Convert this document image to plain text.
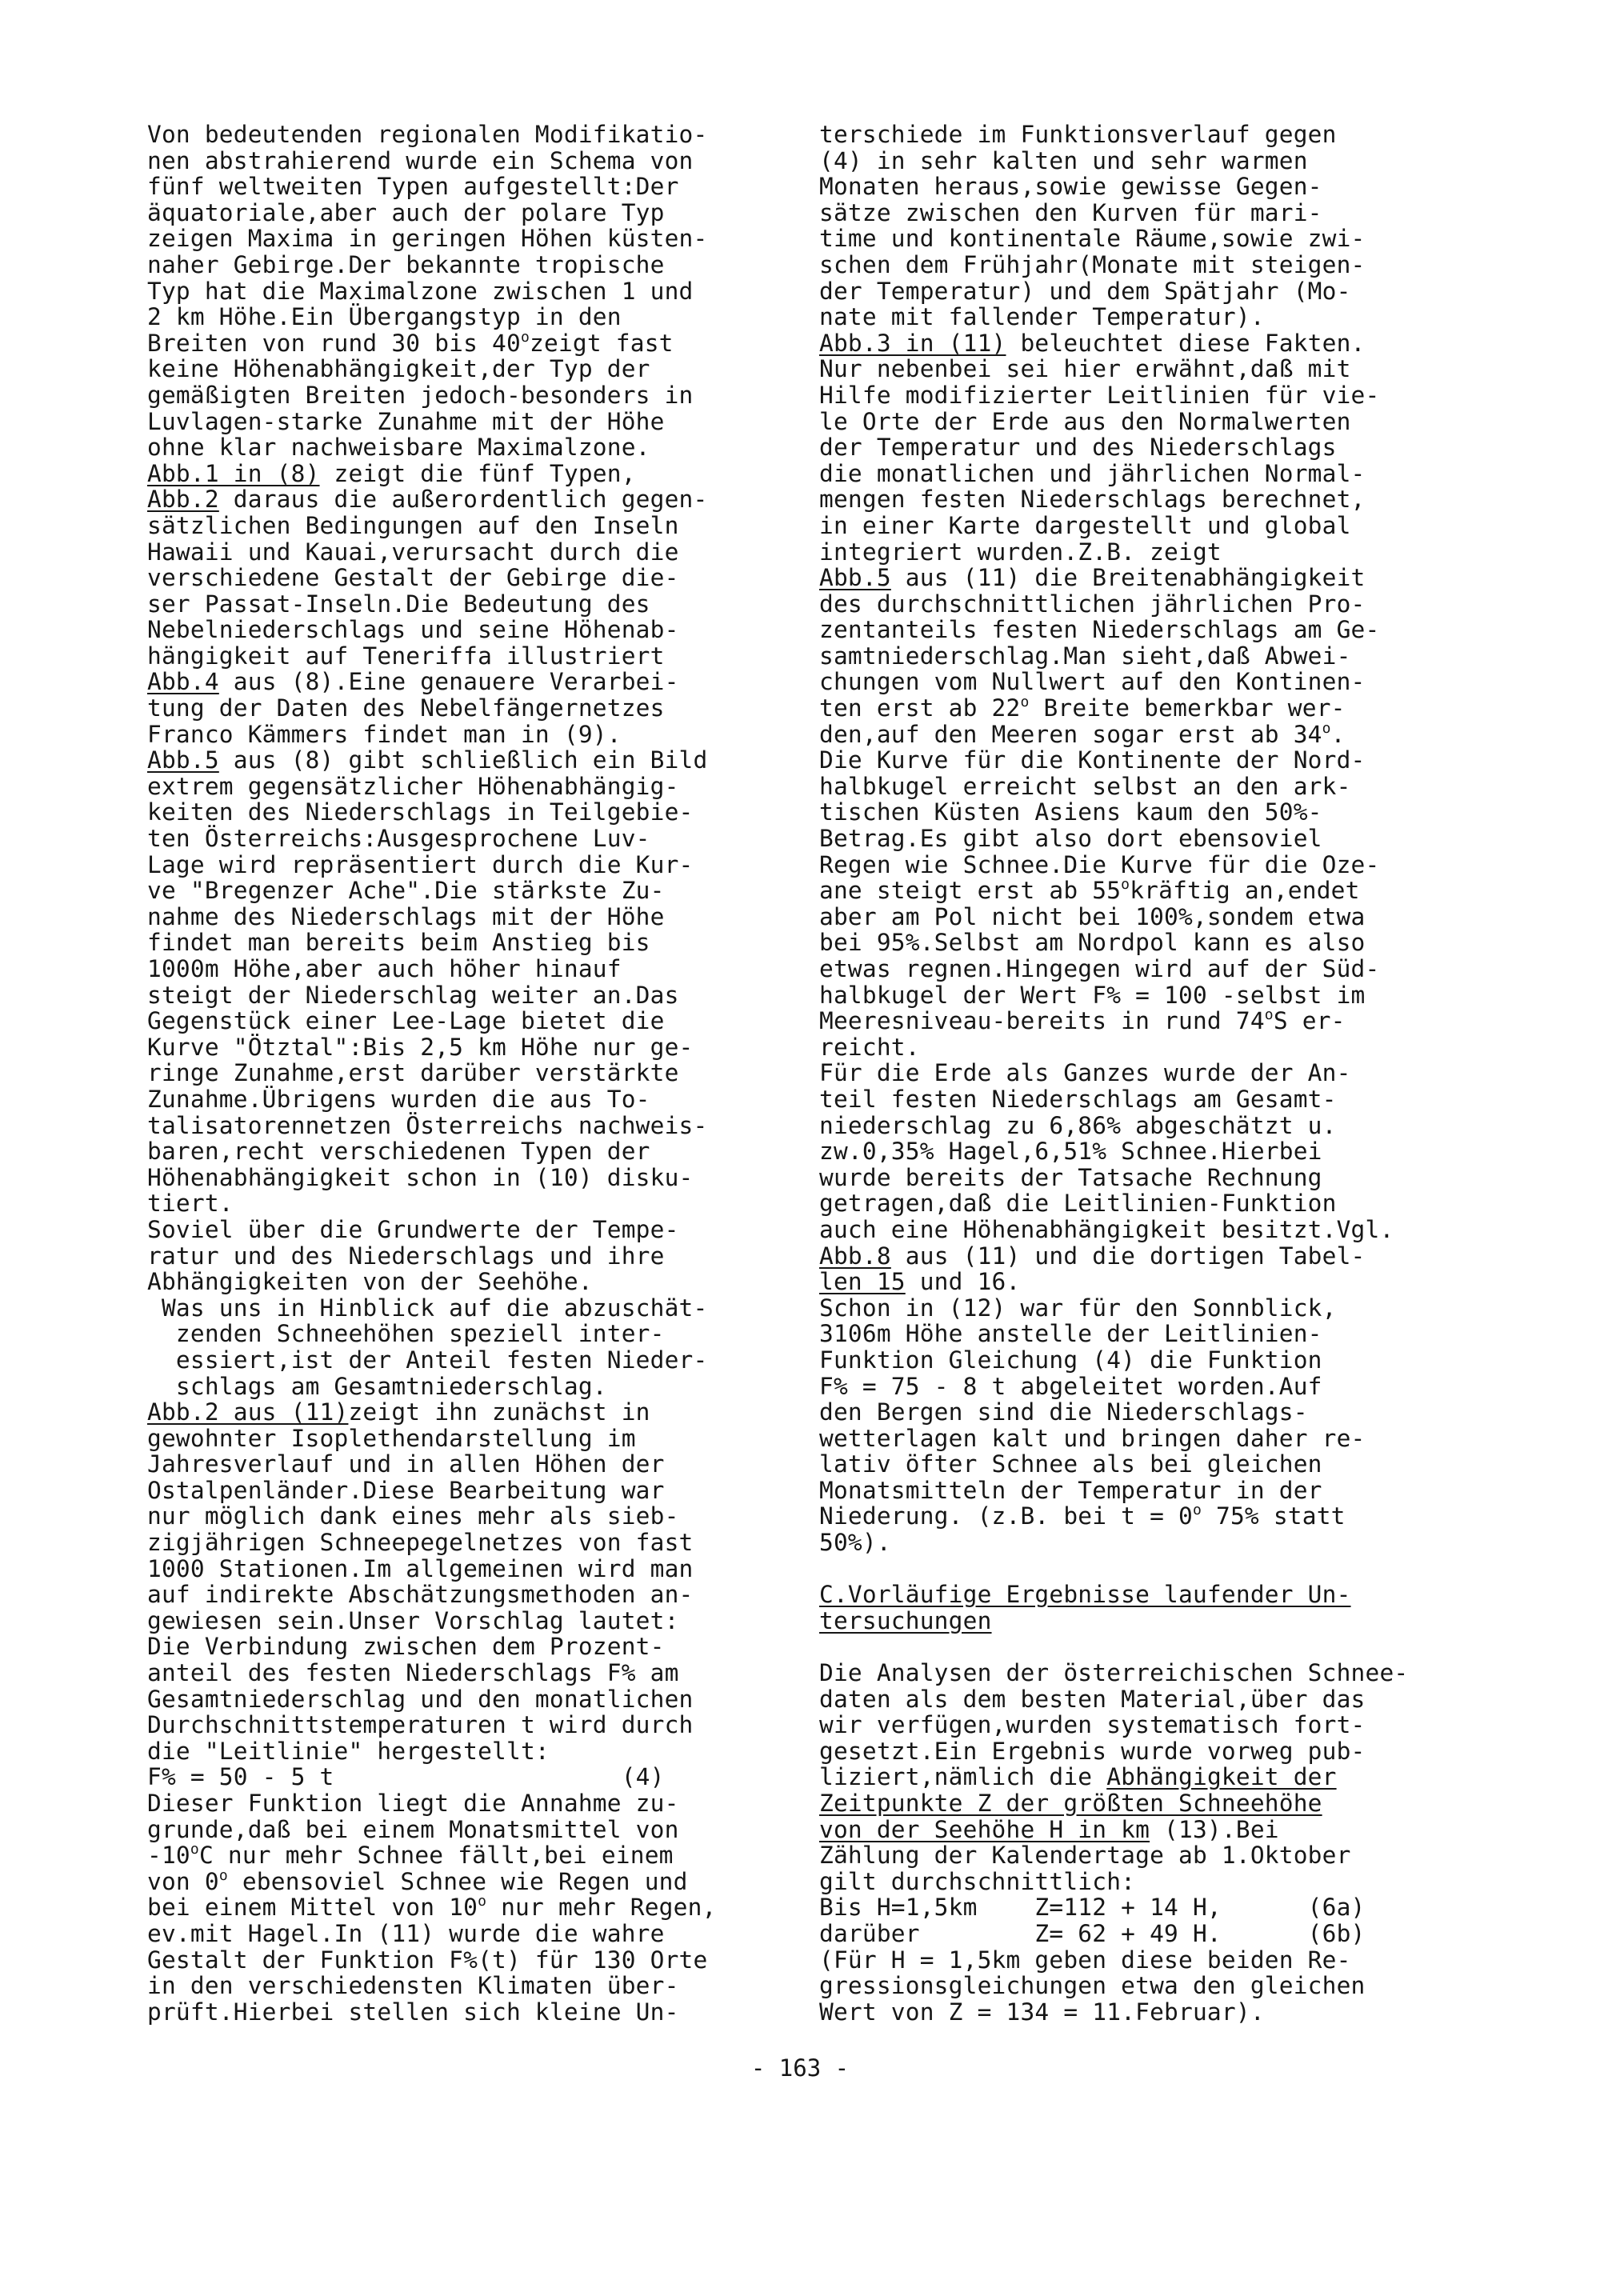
Von bedeutenden regionalen Modifikatio-
nen abstrahierend wurde ein Schema von
fünf weltweiten Typen aufgestellt:Der
äquatoriale,aber auch der polare Typ
zeigen Maxima in geringen Höhen küsten-
naher Gebirge.Der bekannte tropische
Typ hat die Maximalzone zwischen 1 und
2 km Höhe.Ein Übergangstyp in den
Breiten von rund 30 bis 40$^o$zeigt fast
keine Höhenabhängigkeit,der Typ der
gemäßigten Breiten jedoch-besonders in
Luvlagen-starke Zunahme mit der Höhe
ohne klar nachweisbare Maximalzone.
Abb.1 in (8) zeigt die fünf Typen,
Abb.2 daraus die außerordentlich gegen-
sätzlichen Bedingungen auf den Inseln
Hawaii und Kauai,verursacht durch die
verschiedene Gestalt der Gebirge die-
ser Passat-Inseln.Die Bedeutung des
Nebelniederschlags und seine Höhenab-
hängigkeit auf Teneriffa illustriert
Abb.4 aus (8).Eine genauere Verarbei-
tung der Daten des Nebelfängernetzes
Franco Kämmers findet man in (9).
Abb.5 aus (8) gibt schließlich ein Bild
extrem gegensätzlicher Höhenabhängig-
keiten des Niederschlags in Teilgebie-
ten Österreichs:Ausgesprochene Luv-
Lage wird repräsentiert durch die Kur-
ve "Bregenzer Ache".Die stärkste Zu-
nahme des Niederschlags mit der Höhe
findet man bereits beim Anstieg bis
1000m Höhe,aber auch höher hinauf
steigt der Niederschlag weiter an.Das
Gegenstück einer Lee-Lage bietet die
Kurve "Ötztal":Bis 2,5 km Höhe nur ge-
ringe Zunahme,erst darüber verstärkte
Zunahme.Übrigens wurden die aus To-
talisatorennetzen Österreichs nachweis-
baren,recht verschiedenen Typen der
Höhenabhängigkeit schon in (10) disku-
tiert.
Soviel über die Grundwerte der Tempe-
ratur und des Niederschlags und ihre
Abhängigkeiten von der Seehöhe.
Was uns in Hinblick auf die abzuschät-
zenden Schneehöhen speziell inter-
essiert,ist der Anteil festen Nieder-
schlags am Gesamtniederschlag.
Abb.2 aus (11)zeigt ihn zunächst in
gewohnter Isoplethendarstellung im
Jahresverlauf und in allen Höhen der
Ostalpenländer.Diese Bearbeitung war
nur möglich dank eines mehr als sieb-
zigjährigen Schneepegelnetzes von fast
1000 Stationen.Im allgemeinen wird man
auf indirekte Abschätzungsmethoden an-
gewiesen sein.Unser Vorschlag lautet:
Die Verbindung zwischen dem Prozent-
anteil des festen Niederschlags F% am
Gesamtniederschlag und den monatlichen
Durchschnittstemperaturen t wird durch
die "Leitlinie" hergestellt:
F% = 50 - 5 t                    (4)
Dieser Funktion liegt die Annahme zu-
grunde,daß bei einem Monatsmittel von
-10$^o$C nur mehr Schnee fällt,bei einem
von 0$^o$ ebensoviel Schnee wie Regen und
bei einem Mittel von 10$^o$ nur mehr Regen,
ev.mit Hagel.In (11) wurde die wahre
Gestalt der Funktion F%(t) für 130 Orte
in den verschiedensten Klimaten über-
prüft.Hierbei stellen sich kleine Un-
terschiede im Funktionsverlauf gegen
(4) in sehr kalten und sehr warmen
Monaten heraus,sowie gewisse Gegen-
sätze zwischen den Kurven für mari-
time und kontinentale Räume,sowie zwi-
schen dem Frühjahr(Monate mit steigen-
der Temperatur) und dem Spätjahr (Mo-
nate mit fallender Temperatur).
Abb.3 in (11) beleuchtet diese Fakten.
Nur nebenbei sei hier erwähnt,daß mit
Hilfe modifizierter Leitlinien für vie-
le Orte der Erde aus den Normalwerten
der Temperatur und des Niederschlags
die monatlichen und jährlichen Normal-
mengen festen Niederschlags berechnet,
in einer Karte dargestellt und global
integriert wurden.Z.B. zeigt
Abb.5 aus (11) die Breitenabhängigkeit
des durchschnittlichen jährlichen Pro-
zentanteils festen Niederschlags am Ge-
samtniederschlag.Man sieht,daß Abwei-
chungen vom Nullwert auf den Kontinen-
ten erst ab 22$^o$ Breite bemerkbar wer-
den,auf den Meeren sogar erst ab 34$^o$.
Die Kurve für die Kontinente der Nord-
halbkugel erreicht selbst an den ark-
tischen Küsten Asiens kaum den 50%-
Betrag.Es gibt also dort ebensoviel
Regen wie Schnee.Die Kurve für die Oze-
ane steigt erst ab 55$^o$kräftig an,endet
aber am Pol nicht bei 100%,sondem etwa
bei 95%.Selbst am Nordpol kann es also
etwas regnen.Hingegen wird auf der Süd-
halbkugel der Wert F% = 100 -selbst im
Meeresniveau-bereits in rund 74$^o$S er-
reicht.
Für die Erde als Ganzes wurde der An-
teil festen Niederschlags am Gesamt-
niederschlag zu 6,86% abgeschätzt u.
zw.0,35% Hagel,6,51% Schnee.Hierbei
wurde bereits der Tatsache Rechnung
getragen,daß die Leitlinien-Funktion
auch eine Höhenabhängigkeit besitzt.Vgl.
Abb.8 aus (11) und die dortigen Tabel-
len 15 und 16.
Schon in (12) war für den Sonnblick,
3106m Höhe anstelle der Leitlinien-
Funktion Gleichung (4) die Funktion
F% = 75 - 8 t abgeleitet worden.Auf
den Bergen sind die Niederschlags-
wetterlagen kalt und bringen daher re-
lativ öfter Schnee als bei gleichen
Monatsmitteln der Temperatur in der
Niederung. (z.B. bei $t = 0^o$ 75% statt
50%).
C.Vorläufige Ergebnisse laufender Un-
tersuchungen
Die Analysen der österreichischen Schnee-
daten als dem besten Material,über das
wir verfügen,wurden systematisch fort-
gesetzt.Ein Ergebnis wurde vorweg pub-
liziert,nämlich die Abhängigkeit der
Zeitpunkte Z der größten Schneehöhe
von der Seehöhe H in km (13).Bei
Zählung der Kalendertage ab 1.Oktober
gilt durchschnittlich:
Bis H=1,5km    Z=112 + 14 H,      (6a)
darüber        Z= 62 + 49 H.      (6b)
(Für H = 1,5km geben diese beiden Re-
gressionsgleichungen etwa den gleichen
Wert von Z = 134 = 11.Februar).
- 163 -
